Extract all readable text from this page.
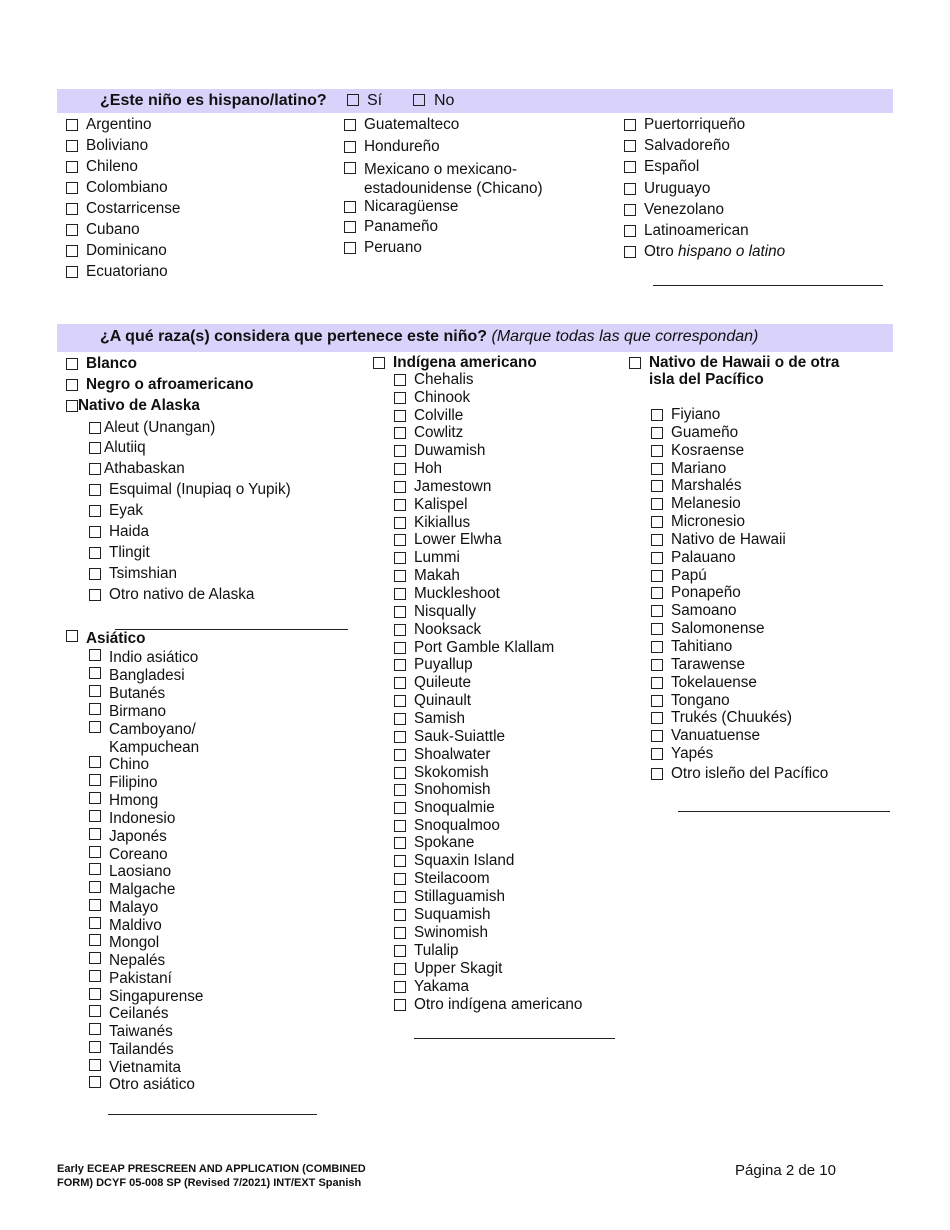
¿Este niño es hispano/latino?	Sí	No
Argentino
Boliviano
Chileno
Colombiano
Costarricense
Cubano
Dominicano
Ecuatoriano
Guatemalteco
Hondureño
Mexicano o mexicano-
estadounidense (Chicano)
Nicaragüense
Panameño
Peruano
Puertorriqueño
Salvadoreño
Español
Uruguayo
Venezolano
Latinoamerican
Otro
hispano o latino
¿A qué raza(s) considera que pertenece este niño? (Marque todas las que correspondan)
Blanco
Negro o afroamericano
Nativo de Alaska
Aleut (Unangan)
Alutiiq
Athabaskan
Esquimal (Inupiaq o Yupik)
Eyak
Haida
Tlingit
Tsimshian
Otro nativo de Alaska
Asiático
Indio asiático
Bangladesi
Butanés
Birmano
Camboyano/
Kampuchean
Chino
Filipino
Hmong
Indonesio
Japonés
Coreano
Laosiano
Malgache
Malayo
Maldivo
Mongol
Nepalés
Pakistaní
Singapurense
Ceilanés
Taiwanés
Tailandés
Vietnamita
Otro asiático
Indígena americano
Chehalis
Chinook
Colville
Cowlitz
Duwamish
Hoh
Jamestown
Kalispel
Kikiallus
Lower Elwha
Lummi
Makah
Muckleshoot
Nisqually
Nooksack
Port Gamble Klallam
Puyallup
Quileute
Quinault
Samish
Sauk-Suiattle
Shoalwater
Skokomish
Snohomish
Snoqualmie
Snoqualmoo
Spokane
Squaxin Island
Steilacoom
Stillaguamish
Suquamish
Swinomish
Tulalip
Upper Skagit
Yakama
Otro indígena americano
Nativo de Hawaii o de otra
isla del Pacífico
Fiyiano
Guameño
Kosraense
Mariano
Marshalés
Melanesio
Micronesio
Nativo de Hawaii
Palauano
Papú
Ponapeño
Samoano
Salomonense
Tahitiano
Tarawense
Tokelauense
Tongano
Trukés (Chuukés)
Vanuatuense
Yapés
Otro isleño del Pacífico
Early ECEAP PRESCREEN AND APPLICATION (COMBINED
FORM) DCYF 05-008 SP (Revised 7/2021) INT/EXT Spanish
Página 2 de 10
